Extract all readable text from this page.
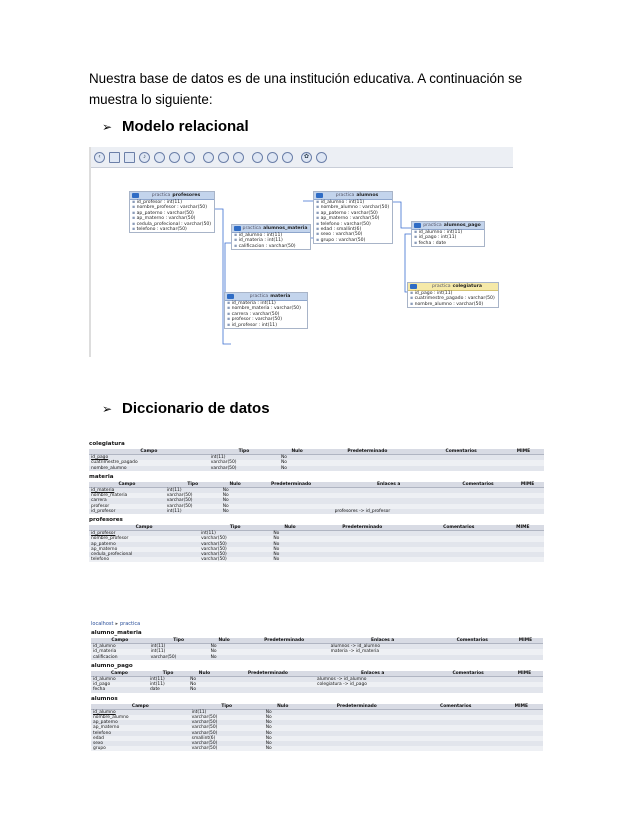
Nuestra base de datos es de una institución educativa. A continuación se muestra lo siguiente:
➢ Modelo relacional
‹	♪	✿
practica profesores
▪ id_profesor : int(11)
▪ nombre_profesor : varchar(50)
▪ ap_paterno : varchar(50)
▪ ap_materno : varchar(50)
▪ cedula_profecional : varchar(50)
▪ telefono : varchar(50)	practica alumnos_materia
▪ id_alumno : int(11)
▪ id_materia : int(11)
▪ calificacion : varchar(50)
practica alumnos
▪ id_alumno : int(11)
▪ nombre_alumno : varchar(50)
▪ ap_paterno : varchar(50)
▪ ap_materno : varchar(50)
▪ telefono : varchar(50)
▪ edad : smallint(6)
▪ sexo : varchar(50)
▪ grupo : varchar(50)
practica alumnos_pago
▪ id_alumno : int(11)
▪ id_pago : int(11)
▪ fecha : date
practica colegiatura
▪ id_pago : int(11)
▪ cuatrimestre_pagado : varchar(50)
▪ nombre_alumno : varchar(50)
practica materia
▪ id_materia : int(11)
▪ nombre_materia : varchar(50)
▪ carrera : varchar(50)
▪ profesor : varchar(50)
▪ id_profesor : int(11)
➢ Diccionario de datos
colegiatura
Campo	Tipo	Nulo	Predeterminado	Comentarios	MIME
id_pago	int(11)	No			
cuatrimestre_pagado	varchar(50)	No			
nombre_alumno	varchar(50)	No			
materia
Campo	Tipo	Nulo	Predeterminado	Enlaces a	Comentarios	MIME
id_materia	int(11)	No				
nombre_materia	varchar(50)	No				
carrera	varchar(50)	No				
profesor	varchar(50)	No				
id_profesor	int(11)	No		profesores -> id_profesor		
profesores
Campo	Tipo	Nulo	Predeterminado	Comentarios	MIME
id_profesor	int(11)	No			
nombre_profesor	varchar(50)	No			
ap_paterno	varchar(50)	No			
ap_materno	varchar(50)	No			
cedula_profecional	varchar(50)	No			
telefono	varchar(50)	No			
localhost ▸ practica
alumno_materia
Campo	Tipo	Nulo	Predeterminado	Enlaces a	Comentarios	MIME
id_alumno	int(11)	No		alumnos -> id_alumno		
id_materia	int(11)	No		materia -> id_materia		
calificacion	varchar(50)	No				
alumno_pago
Campo	Tipo	Nulo	Predeterminado	Enlaces a	Comentarios	MIME
id_alumno	int(11)	No		alumnos -> id_alumno		
id_pago	int(11)	No		colegiatura -> id_pago		
fecha	date	No				
alumnos
Campo	Tipo	Nulo	Predeterminado	Comentarios	MIME
id_alumno	int(11)	No			
nombre_alumno	varchar(50)	No			
ap_paterno	varchar(50)	No			
ap_materno	varchar(50)	No			
telefono	varchar(50)	No			
edad	smallint(6)	No			
sexo	varchar(50)	No			
grupo	varchar(50)	No			
